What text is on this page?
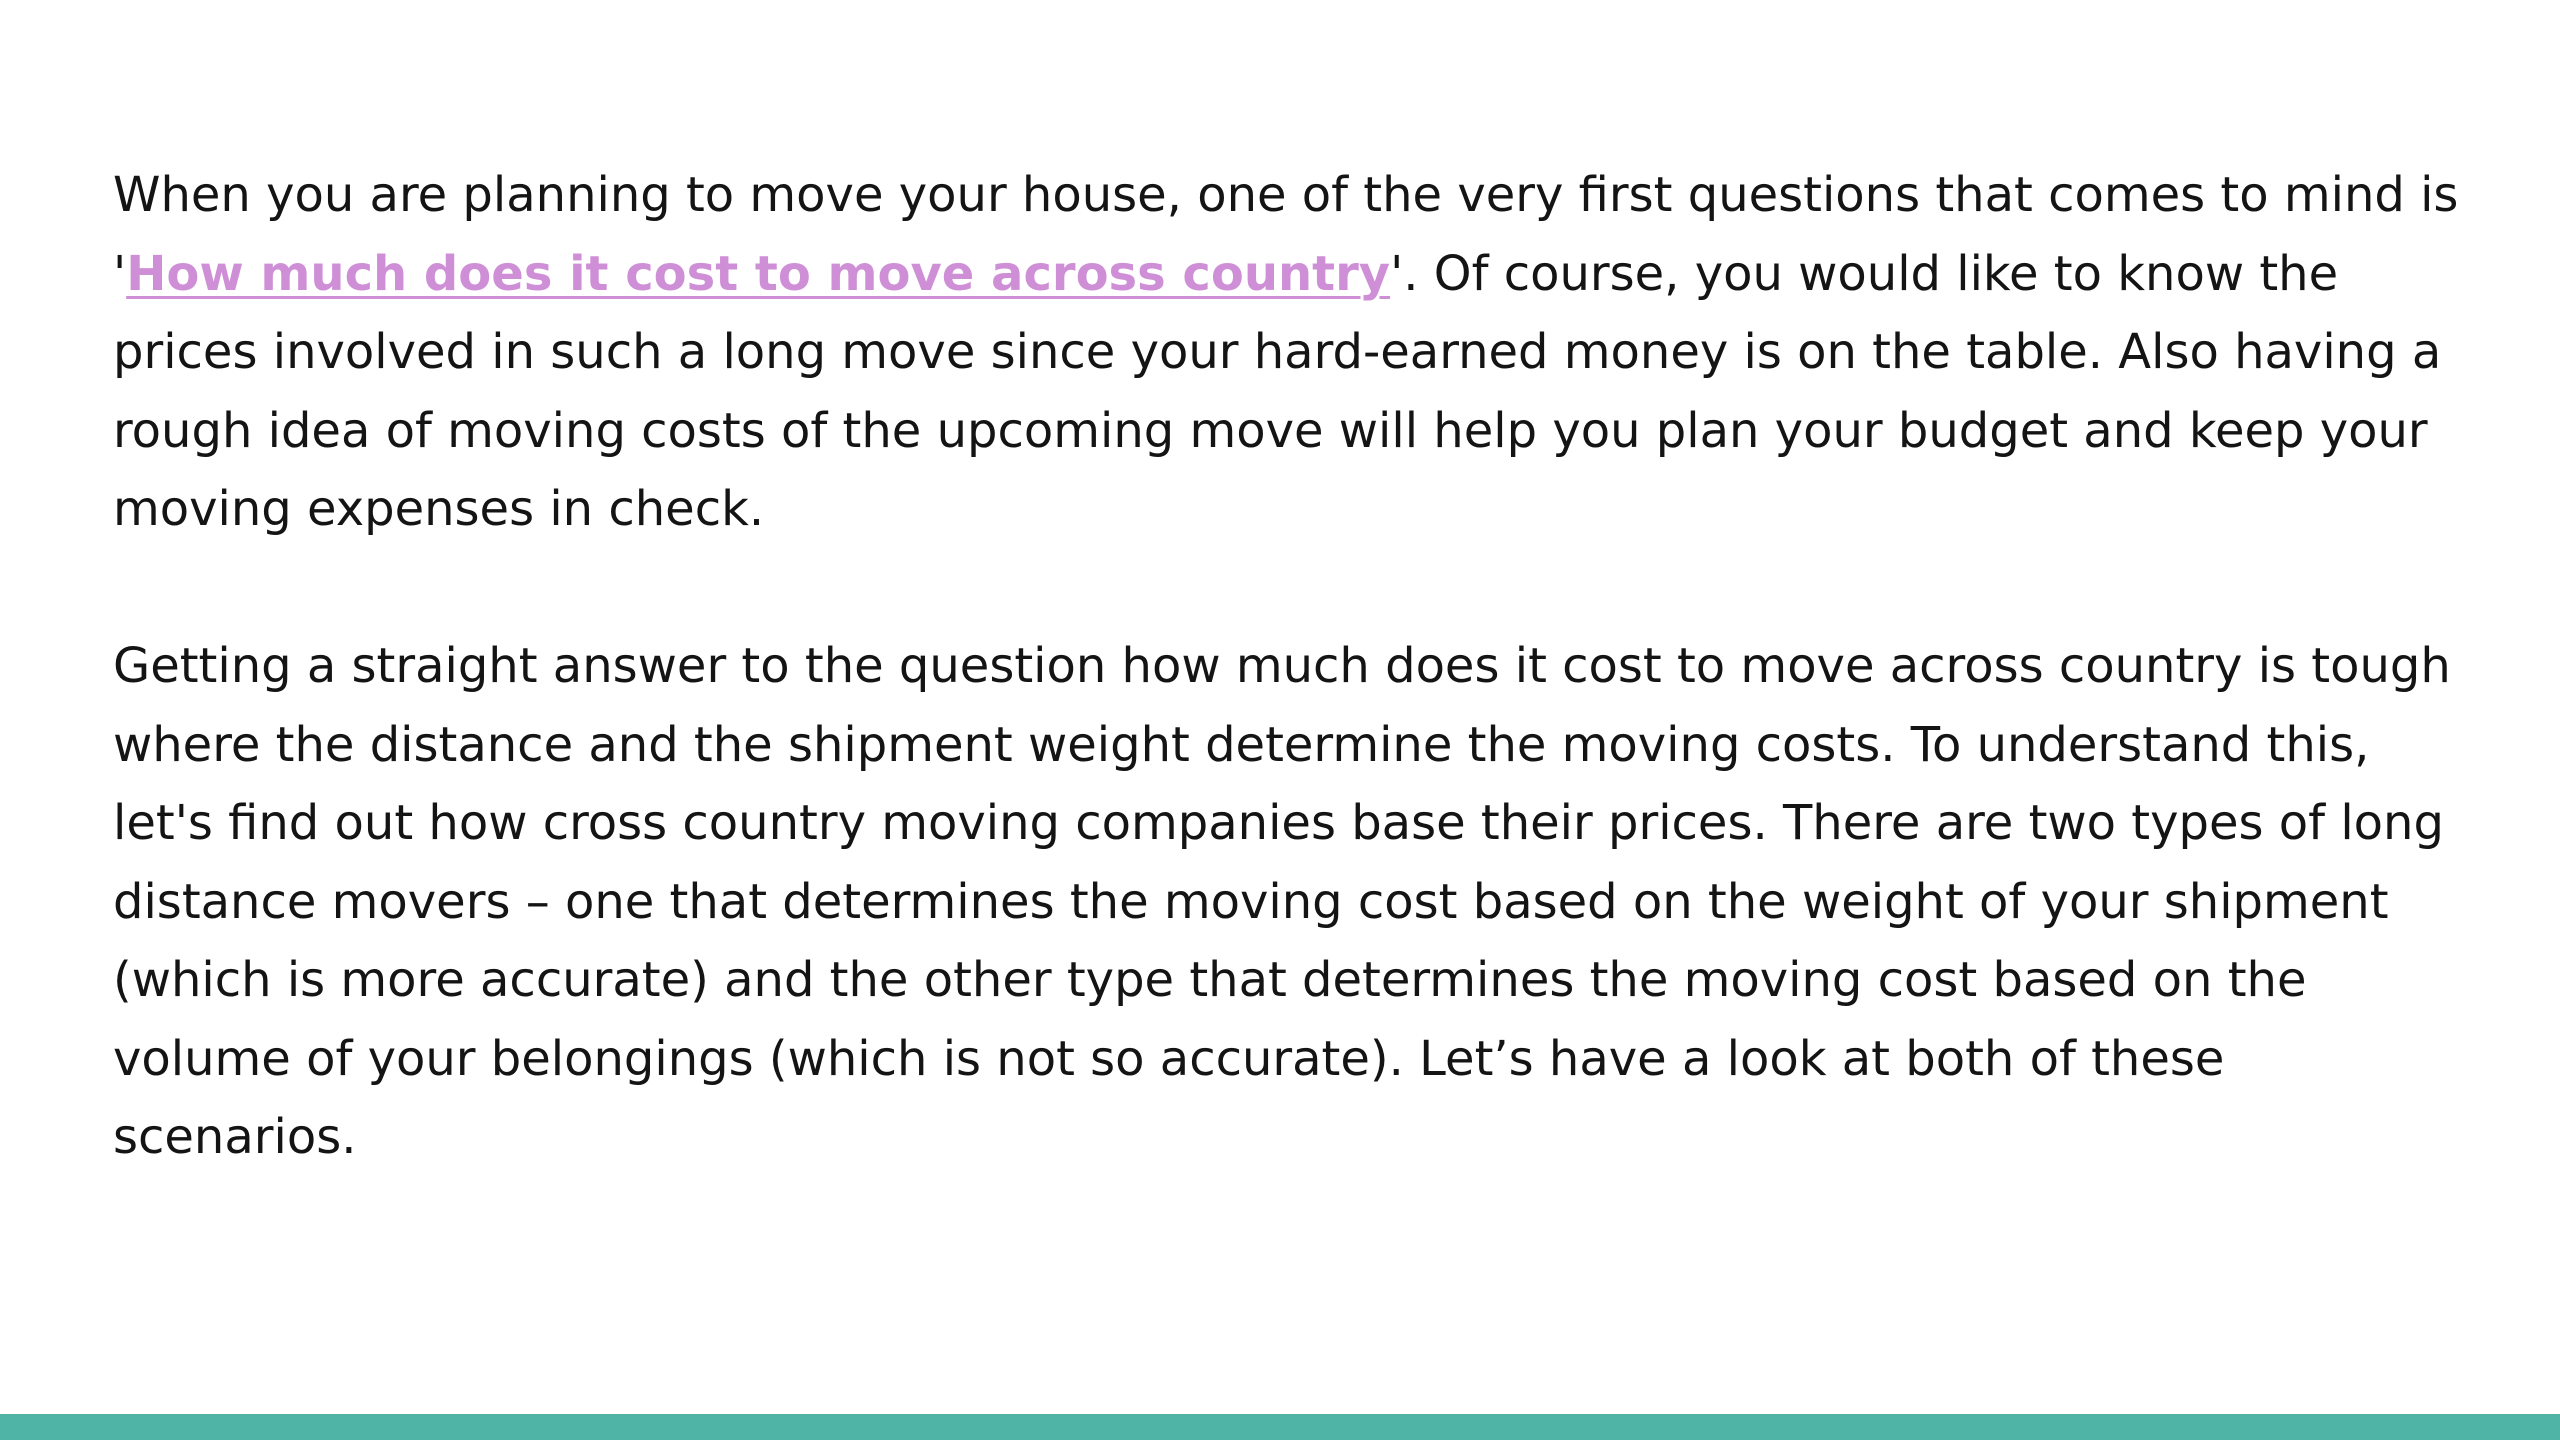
When you are planning to move your house, one of the very first questions that comes to mind is 'How much does it cost to move across country'. Of course, you would like to know the prices involved in such a long move since your hard-earned money is on the table. Also having a rough idea of moving costs of the upcoming move will help you plan your budget and keep your moving expenses in check.

Getting a straight answer to the question how much does it cost to move across country is tough where the distance and the shipment weight determine the moving costs. To understand this, let's find out how cross country moving companies base their prices. There are two types of long distance movers – one that determines the moving cost based on the weight of your shipment (which is more accurate) and the other type that determines the moving cost based on the volume of your belongings (which is not so accurate). Let’s have a look at both of these scenarios.
